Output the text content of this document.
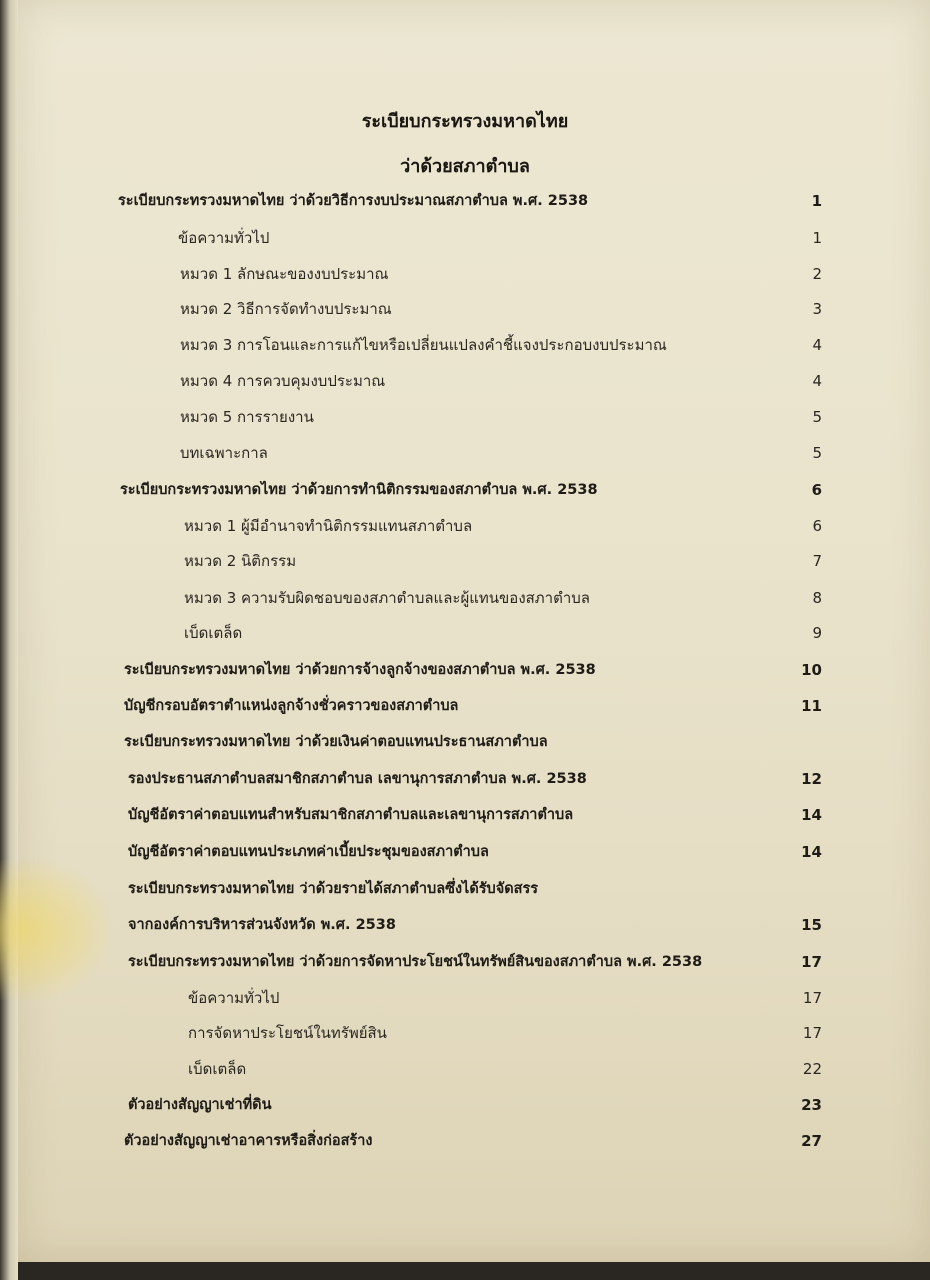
ระเบียบกระทรวงมหาดไทย
ว่าด้วยสภาตำบล
ระเบียบกระทรวงมหาดไทย ว่าด้วยวิธีการงบประมาณสภาตำบล พ.ศ. 2538	1
ข้อความทั่วไป	1
หมวด 1 ลักษณะของงบประมาณ	2
หมวด 2 วิธีการจัดทำงบประมาณ	3
หมวด 3 การโอนและการแก้ไขหรือเปลี่ยนแปลงคำชี้แจงประกอบงบประมาณ	4
หมวด 4 การควบคุมงบประมาณ	4
หมวด 5 การรายงาน	5
บทเฉพาะกาล	5
ระเบียบกระทรวงมหาดไทย ว่าด้วยการทำนิติกรรมของสภาตำบล พ.ศ. 2538	6
หมวด 1 ผู้มีอำนาจทำนิติกรรมแทนสภาตำบล	6
หมวด 2 นิติกรรม	7
หมวด 3 ความรับผิดชอบของสภาตำบลและผู้แทนของสภาตำบล	8
เบ็ดเตล็ด	9
ระเบียบกระทรวงมหาดไทย ว่าด้วยการจ้างลูกจ้างของสภาตำบล พ.ศ. 2538	10
บัญชีกรอบอัตราตำแหน่งลูกจ้างชั่วคราวของสภาตำบล	11
ระเบียบกระทรวงมหาดไทย ว่าด้วยเงินค่าตอบแทนประธานสภาตำบล
รองประธานสภาตำบลสมาชิกสภาตำบล เลขานุการสภาตำบล พ.ศ. 2538	12
บัญชีอัตราค่าตอบแทนสำหรับสมาชิกสภาตำบลและเลขานุการสภาตำบล	14
บัญชีอัตราค่าตอบแทนประเภทค่าเบี้ยประชุมของสภาตำบล	14
ระเบียบกระทรวงมหาดไทย ว่าด้วยรายได้สภาตำบลซึ่งได้รับจัดสรร
จากองค์การบริหารส่วนจังหวัด พ.ศ. 2538	15
ระเบียบกระทรวงมหาดไทย ว่าด้วยการจัดหาประโยชน์ในทรัพย์สินของสภาตำบล พ.ศ. 2538	17
ข้อความทั่วไป	17
การจัดหาประโยชน์ในทรัพย์สิน	17
เบ็ดเตล็ด	22
ตัวอย่างสัญญาเช่าที่ดิน	23
ตัวอย่างสัญญาเช่าอาคารหรือสิ่งก่อสร้าง	27
